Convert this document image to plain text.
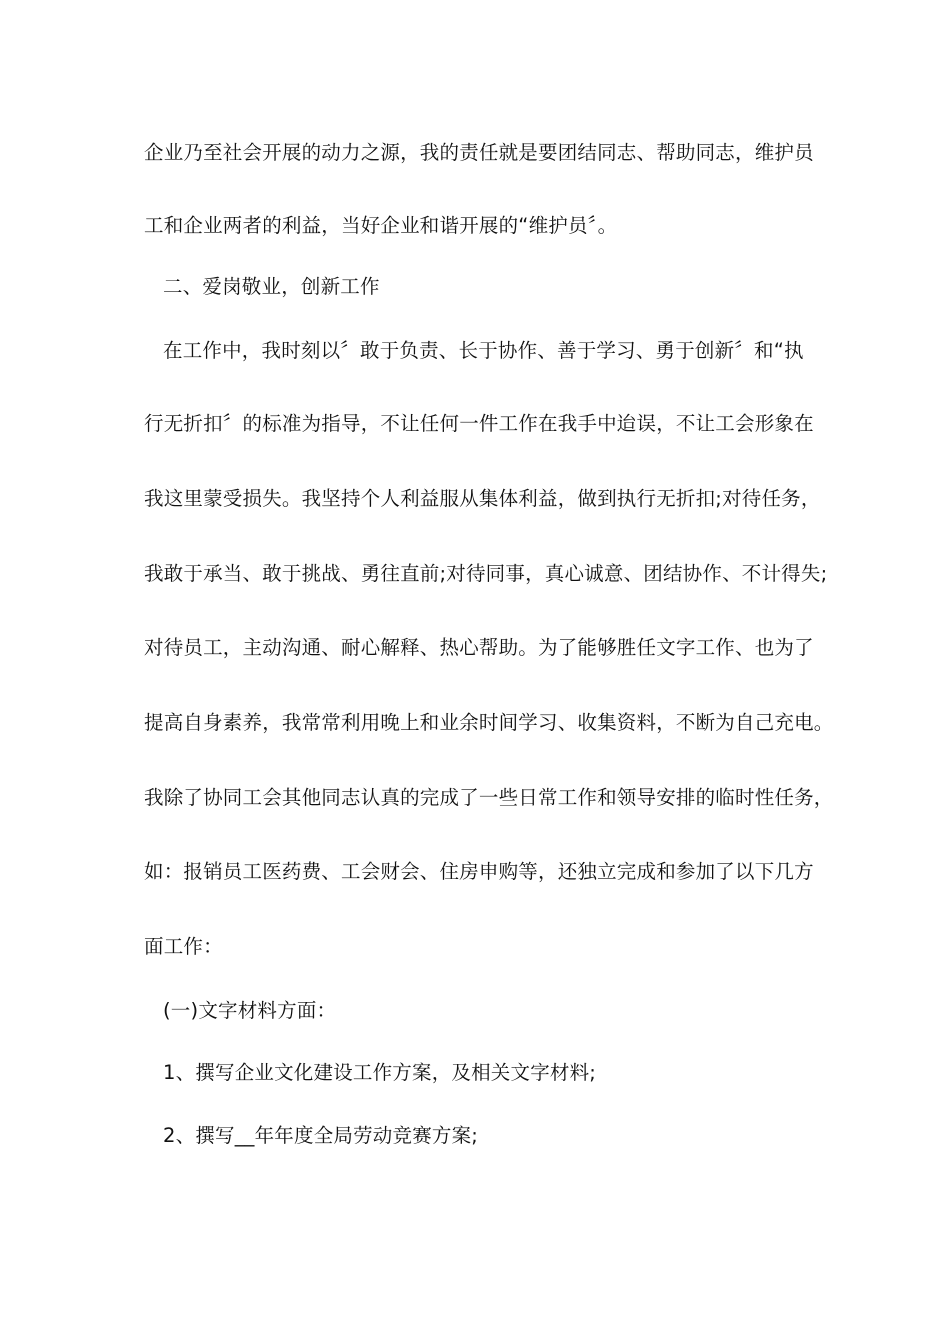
企业乃至社会开展的动力之源，我的责任就是要团结同志、帮助同志，维护员
工和企业两者的利益，当好企业和谐开展的“维护员〞。
二、爱岗敬业，创新工作
在工作中，我时刻以〞敢于负责、长于协作、善于学习、勇于创新〞和“执
行无折扣〞的标准为指导，不让任何一件工作在我手中迨误，不让工会形象在
我这里蒙受损失。我坚持个人利益服从集体利益，做到执行无折扣;对待任务，
我敢于承当、敢于挑战、勇往直前;对待同事，真心诚意、团结协作、不计得失;
对待员工，主动沟通、耐心解释、热心帮助。为了能够胜任文字工作、也为了
提高自身素养，我常常利用晚上和业余时间学习、收集资料，不断为自己充电。
我除了协同工会其他同志认真的完成了一些日常工作和领导安排的临时性任务，
如：报销员工医药费、工会财会、住房申购等，还独立完成和参加了以下几方
面工作：
(一)文字材料方面：
1、撰写企业文化建设工作方案，及相关文字材料;
2、撰写__年年度全局劳动竞赛方案;
